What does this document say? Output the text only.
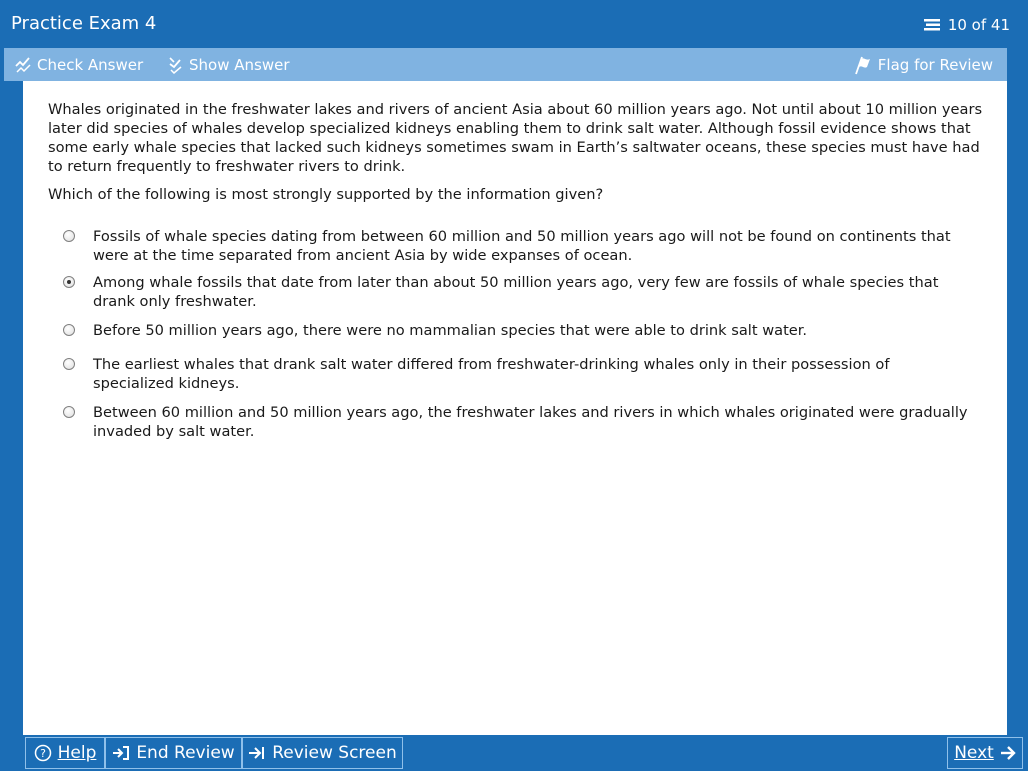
Practice Exam 4	10 of 41
Check Answer	Show Answer	Flag for Review
Whales originated in the freshwater lakes and rivers of ancient Asia about 60 million years ago. Not until about 10 million years later did species of whales develop specialized kidneys enabling them to drink salt water. Although fossil evidence shows that some early whale species that lacked such kidneys sometimes swam in Earth’s saltwater oceans, these species must have had to return frequently to freshwater rivers to drink.
Which of the following is most strongly supported by the information given?
Fossils of whale species dating from between 60 million and 50 million years ago will not be found on continents that were at the time separated from ancient Asia by wide expanses of ocean.
Among whale fossils that date from later than about 50 million years ago, very few are fossils of whale species that drank only freshwater.
Before 50 million years ago, there were no mammalian species that were able to drink salt water.
The earliest whales that drank salt water differed from freshwater-drinking whales only in their possession of specialized kidneys.
Between 60 million and 50 million years ago, the freshwater lakes and rivers in which whales originated were gradually invaded by salt water.
? Help End Review Review Screen	Next
